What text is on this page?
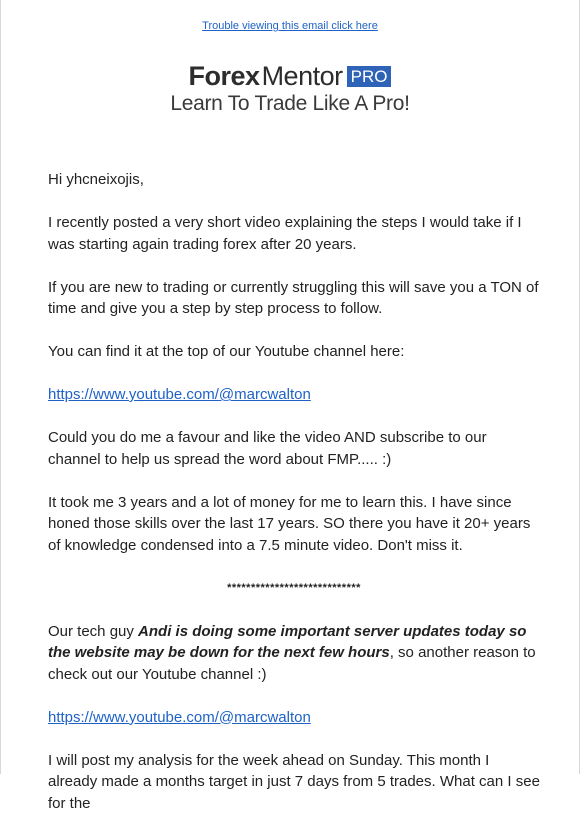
Trouble viewing this email click here
Forex Mentor PRO
Learn To Trade Like A Pro!

Hi yhcneixojis,

I recently posted a very short video explaining the steps I would take if I was starting again trading forex after 20 years.

If you are new to trading or currently struggling this will save you a TON of time and give you a step by step process to follow.

You can find it at the top of our Youtube channel here:

https://www.youtube.com/@marcwalton

Could you do me a favour and like the video AND subscribe to our channel to help us spread the word about FMP..... :)

It took me 3 years and a lot of money for me to learn this. I have since honed those skills over the last 17 years. SO there you have it 20+ years of knowledge condensed into a 7.5 minute video. Don't miss it.

****************************

Our tech guy Andi is doing some important server updates today so the website may be down for the next few hours, so another reason to check out our Youtube channel :)

https://www.youtube.com/@marcwalton

I will post my analysis for the week ahead on Sunday. This month I already made a months target in just 7 days from 5 trades. What can I see for the
